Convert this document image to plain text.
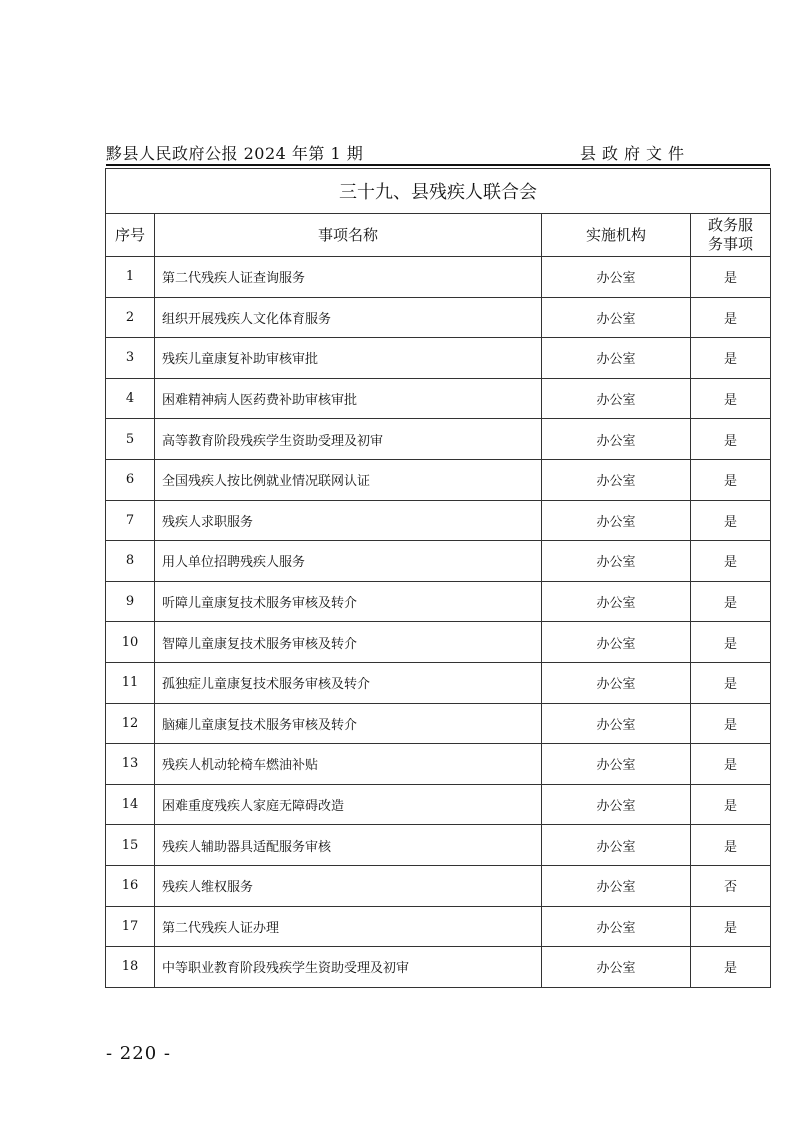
黟县人民政府公报 2024 年第 1 期	县政府文件
三十九、县残疾人联合会			
序号	事项名称	实施机构	政务服
务事项
1	第二代残疾人证查询服务	办公室	是
2	组织开展残疾人文化体育服务	办公室	是
3	残疾儿童康复补助审核审批	办公室	是
4	困难精神病人医药费补助审核审批	办公室	是
5	高等教育阶段残疾学生资助受理及初审	办公室	是
6	全国残疾人按比例就业情况联网认证	办公室	是
7	残疾人求职服务	办公室	是
8	用人单位招聘残疾人服务	办公室	是
9	听障儿童康复技术服务审核及转介	办公室	是
10	智障儿童康复技术服务审核及转介	办公室	是
11	孤独症儿童康复技术服务审核及转介	办公室	是
12	脑瘫儿童康复技术服务审核及转介	办公室	是
13	残疾人机动轮椅车燃油补贴	办公室	是
14	困难重度残疾人家庭无障碍改造	办公室	是
15	残疾人辅助器具适配服务审核	办公室	是
16	残疾人维权服务	办公室	否
17	第二代残疾人证办理	办公室	是
18	中等职业教育阶段残疾学生资助受理及初审	办公室	是
- 220 -
